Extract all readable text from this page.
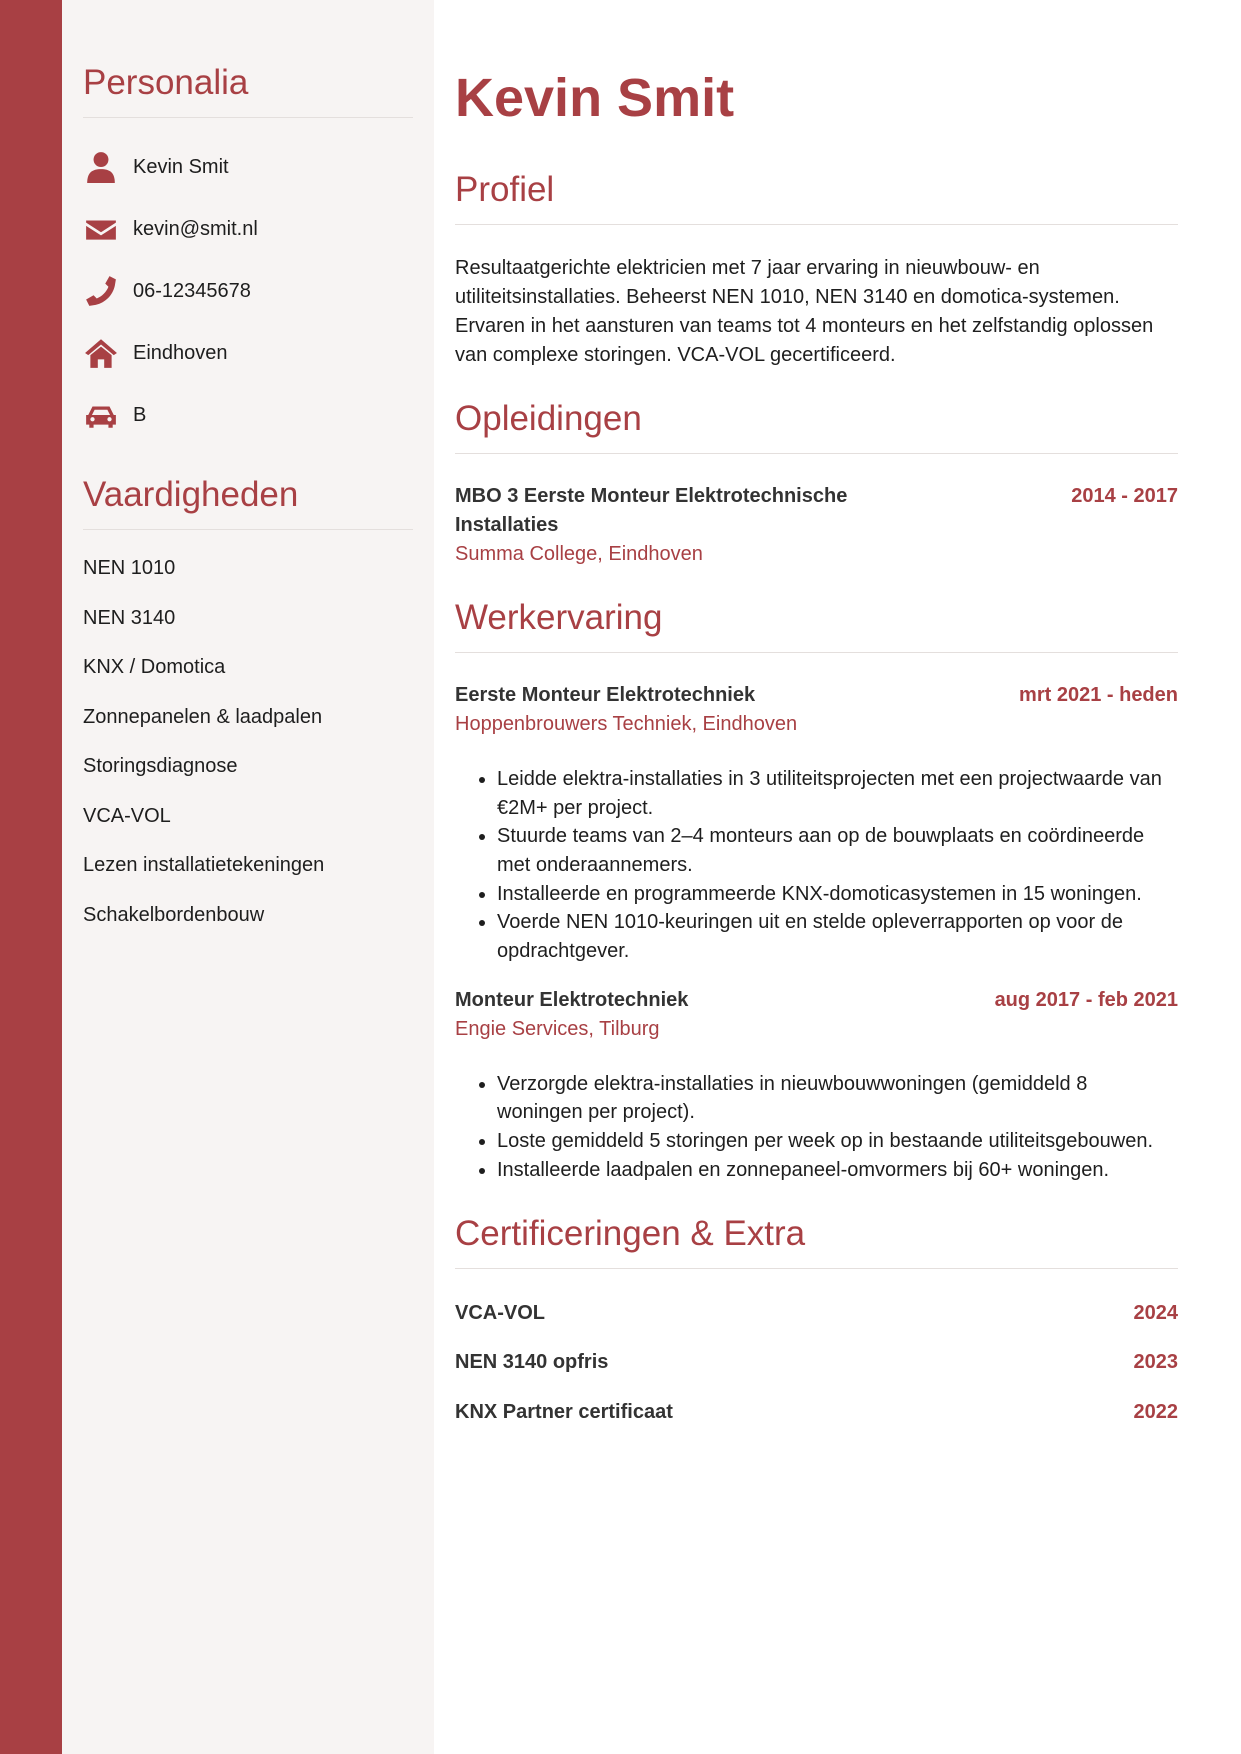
Personalia
Kevin Smit
kevin@smit.nl
06-12345678
Eindhoven
B
Vaardigheden
NEN 1010
NEN 3140
KNX / Domotica
Zonnepanelen & laadpalen
Storingsdiagnose
VCA-VOL
Lezen installatietekeningen
Schakelbordenbouw
Kevin Smit
Profiel
Resultaatgerichte elektricien met 7 jaar ervaring in nieuwbouw- en utiliteitsinstallaties. Beheerst NEN 1010, NEN 3140 en domotica-systemen. Ervaren in het aansturen van teams tot 4 monteurs en het zelfstandig oplossen van complexe storingen. VCA-VOL gecertificeerd.
Opleidingen
MBO 3 Eerste Monteur Elektrotechnische Installaties
2014 - 2017
Summa College, Eindhoven
Werkervaring
Eerste Monteur Elektrotechniek	mrt 2021 - heden
Hoppenbrouwers Techniek, Eindhoven
• Leidde elektra-installaties in 3 utiliteitsprojecten met een projectwaarde van €2M+ per project.
• Stuurde teams van 2–4 monteurs aan op de bouwplaats en coördineerde met onderaannemers.
• Installeerde en programmeerde KNX-domoticasystemen in 15 woningen.
• Voerde NEN 1010-keuringen uit en stelde opleverrapporten op voor de opdrachtgever.
Monteur Elektrotechniek	aug 2017 - feb 2021
Engie Services, Tilburg
• Verzorgde elektra-installaties in nieuwbouwwoningen (gemiddeld 8 woningen per project).
• Loste gemiddeld 5 storingen per week op in bestaande utiliteitsgebouwen.
• Installeerde laadpalen en zonnepaneel-omvormers bij 60+ woningen.
Certificeringen & Extra
VCA-VOL	2024
NEN 3140 opfris	2023
KNX Partner certificaat	2022
